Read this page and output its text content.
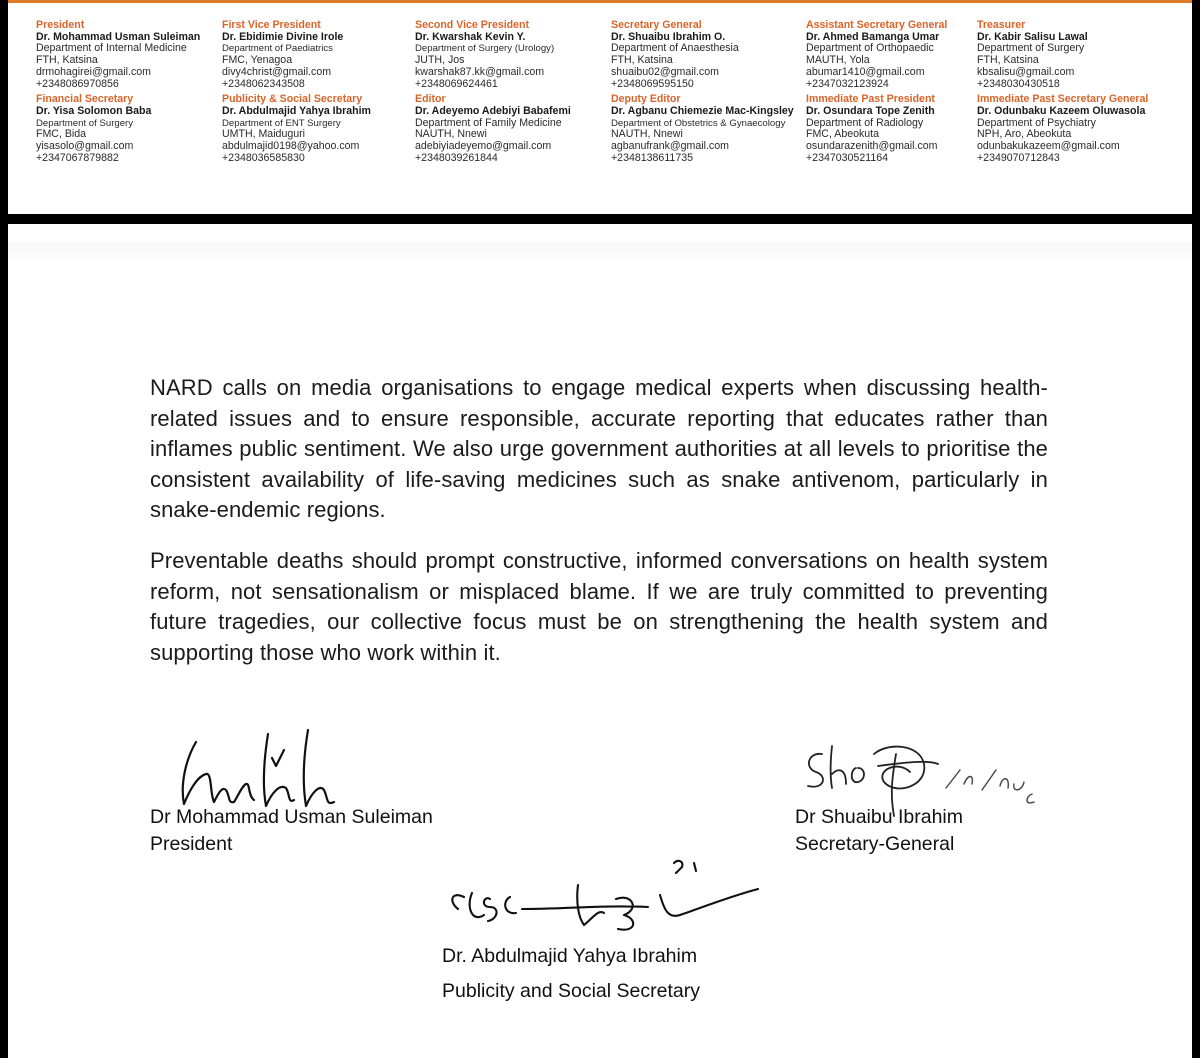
President
Dr. Mohammad Usman Suleiman
Department of Internal Medicine
FTH, Katsina
drmohagirei@gmail.com
+2348086970856
First Vice President
Dr. Ebidimie Divine Irole
Department of Paediatrics
FMC, Yenagoa
divy4christ@gmail.com
+2348062343508
Second Vice President
Dr. Kwarshak Kevin Y.
Department of Surgery (Urology)
JUTH, Jos
kwarshak87.kk@gmail.com
+2348069624461
Secretary General
Dr. Shuaibu Ibrahim O.
Department of Anaesthesia
FTH, Katsina
shuaibu02@gmail.com
+2348069595150
Assistant Secretary General
Dr. Ahmed Bamanga Umar
Department of Orthopaedic
MAUTH, Yola
abumar1410@gmail.com
+2347032123924
Treasurer
Dr. Kabir Salisu Lawal
Department of Surgery
FTH, Katsina
kbsalisu@gmail.com
+2348030430518
Financial Secretary
Dr. Yisa Solomon Baba
Department of Surgery
FMC, Bida
yisasolo@gmail.com
+2347067879882
Publicity & Social Secretary
Dr. Abdulmajid Yahya Ibrahim
Department of ENT Surgery
UMTH, Maiduguri
abdulmajid0198@yahoo.com
+2348036585830
Editor
Dr. Adeyemo Adebiyi Babafemi
Department of Family Medicine
NAUTH, Nnewi
adebiyiadeyemo@gmail.com
+2348039261844
Deputy Editor
Dr. Agbanu Chiemezie Mac-Kingsley
Department of Obstetrics & Gynaecology
NAUTH, Nnewi
agbanufrank@gmail.com
+2348138611735
Immediate Past President
Dr. Osundara Tope Zenith
Department of Radiology
FMC, Abeokuta
osundarazenith@gmail.com
+2347030521164
Immediate Past Secretary General
Dr. Odunbaku Kazeem Oluwasola
Department of Psychiatry
NPH, Aro, Abeokuta
odunbakukazeem@gmail.com
+2349070712843
NARD calls on media organisations to engage medical experts when discussing health-related issues and to ensure responsible, accurate reporting that educates rather than inflames public sentiment. We also urge government authorities at all levels to prioritise the consistent availability of life-saving medicines such as snake antivenom, particularly in snake-endemic regions.
Preventable deaths should prompt constructive, informed conversations on health system reform, not sensationalism or misplaced blame. If we are truly committed to preventing future tragedies, our collective focus must be on strengthening the health system and supporting those who work within it.
Dr Mohammad Usman Suleiman
President
Dr Shuaibu Ibrahim
Secretary-General
Dr. Abdulmajid Yahya Ibrahim
Publicity and Social Secretary
